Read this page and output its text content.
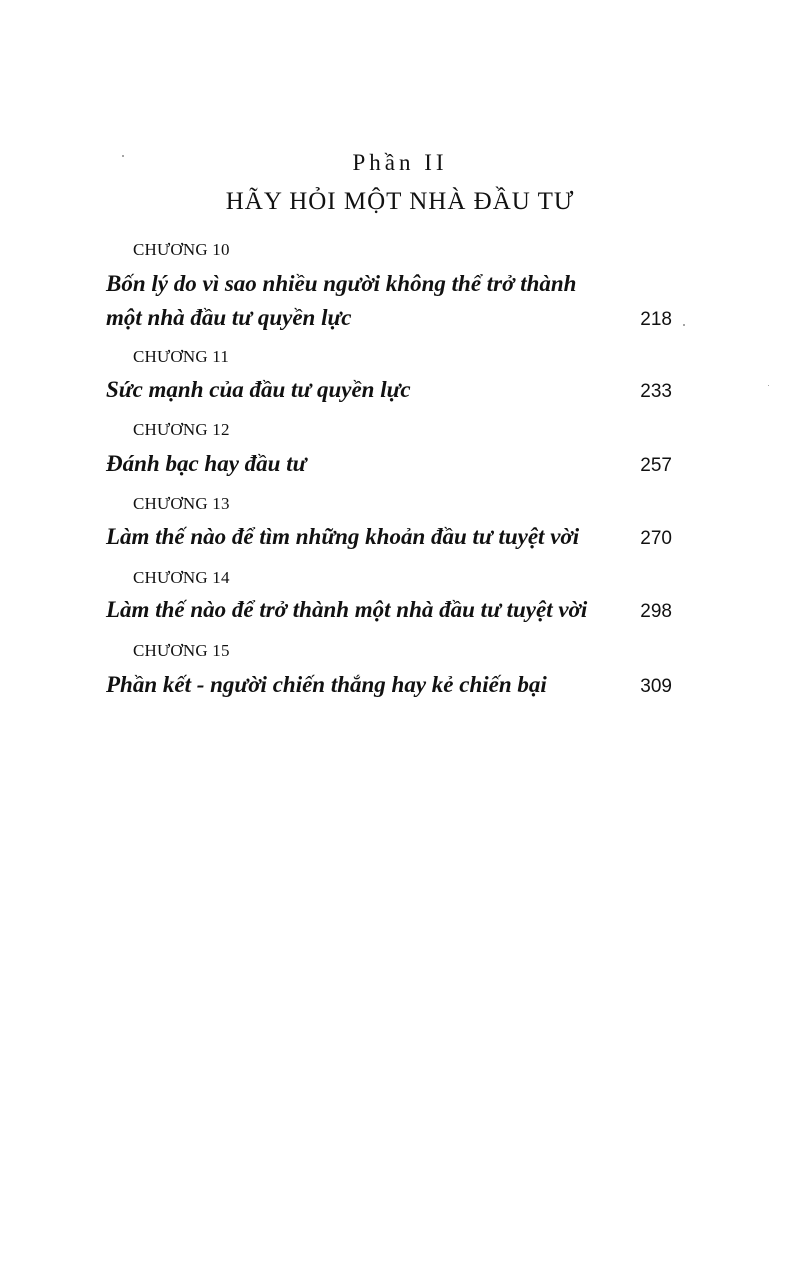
Phần II
HÃY HỎI MỘT NHÀ ĐẦU TƯ
CHƯƠNG 10
Bốn lý do vì sao nhiều người không thể trở thành
một nhà đầu tư quyền lực	218
CHƯƠNG 11
Sức mạnh của đầu tư quyền lực	233
CHƯƠNG 12
Đánh bạc hay đầu tư	257
CHƯƠNG 13
Làm thế nào để tìm những khoản đầu tư tuyệt vời	270
CHƯƠNG 14
Làm thế nào để trở thành một nhà đầu tư tuyệt vời	298
CHƯƠNG 15
Phần kết - người chiến thắng hay kẻ chiến bại	309
